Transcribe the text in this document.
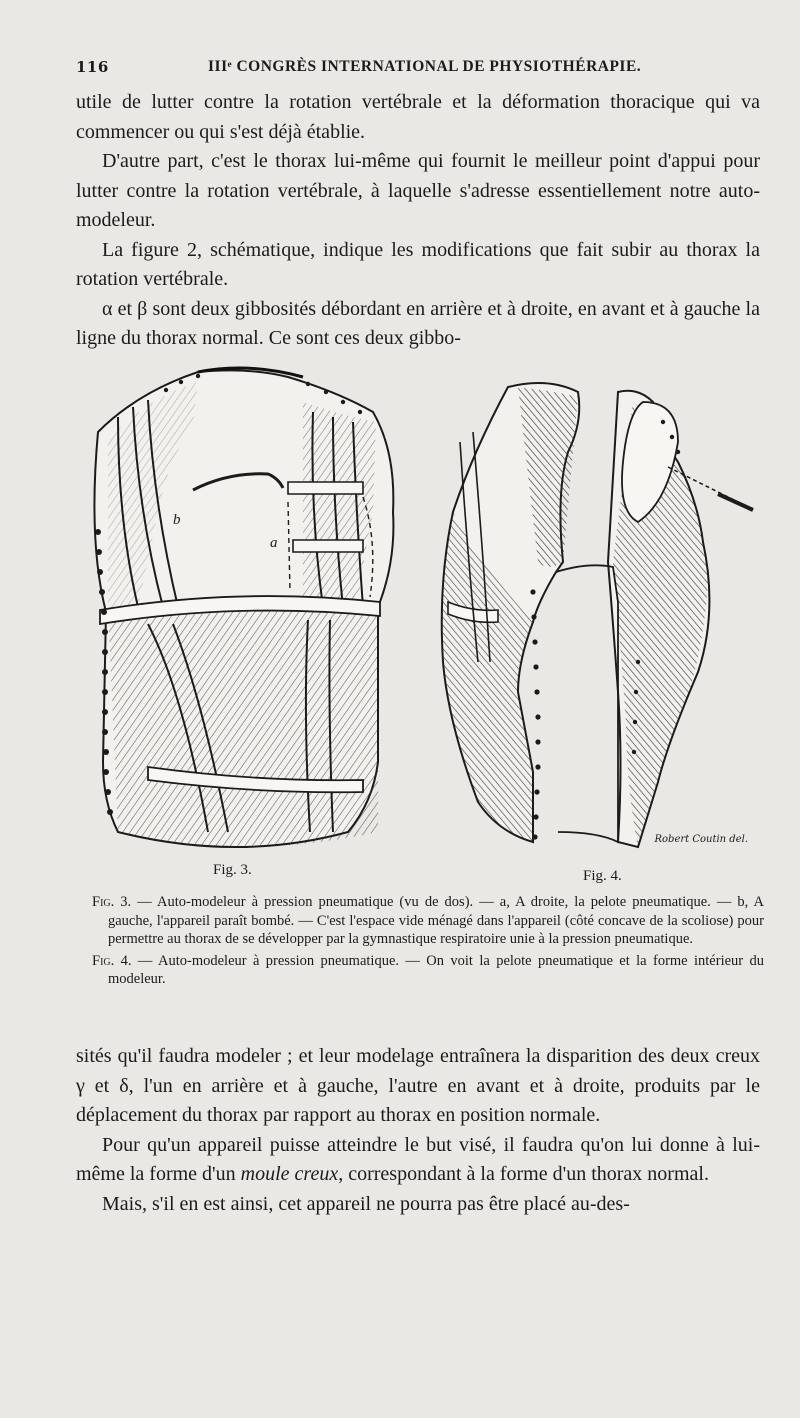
116	IIIᵉ CONGRÈS INTERNATIONAL DE PHYSIOTHÉRAPIE.

utile de lutter contre la rotation vertébrale et la déformation thoracique qui va commencer ou qui s'est déjà établie.

D'autre part, c'est le thorax lui-même qui fournit le meilleur point d'appui pour lutter contre la rotation vertébrale, à laquelle s'adresse essentiellement notre auto-modeleur.

La figure 2, schématique, indique les modifications que fait subir au thorax la rotation vertébrale.

α et β sont deux gibbosités débordant en arrière et à droite, en avant et à gauche la ligne du thorax normal. Ce sont ces deux gibbo-

b
a
Fig. 3.	Fig. 4.
Robert Coutin del.

Fig. 3. — Auto-modeleur à pression pneumatique (vu de dos). — a, A droite, la pelote pneumatique. — b, A gauche, l'appareil paraît bombé. — C'est l'espace vide ménagé dans l'appareil (côté concave de la scoliose) pour permettre au thorax de se développer par la gymnastique respiratoire unie à la pression pneumatique.

Fig. 4. — Auto-modeleur à pression pneumatique. — On voit la pelote pneumatique et la forme intérieur du modeleur.

sités qu'il faudra modeler ; et leur modelage entraînera la disparition des deux creux γ et δ, l'un en arrière et à gauche, l'autre en avant et à droite, produits par le déplacement du thorax par rapport au thorax en position normale.

Pour qu'un appareil puisse atteindre le but visé, il faudra qu'on lui donne à lui-même la forme d'un moule creux, correspondant à la forme d'un thorax normal.

Mais, s'il en est ainsi, cet appareil ne pourra pas être placé au-des-
